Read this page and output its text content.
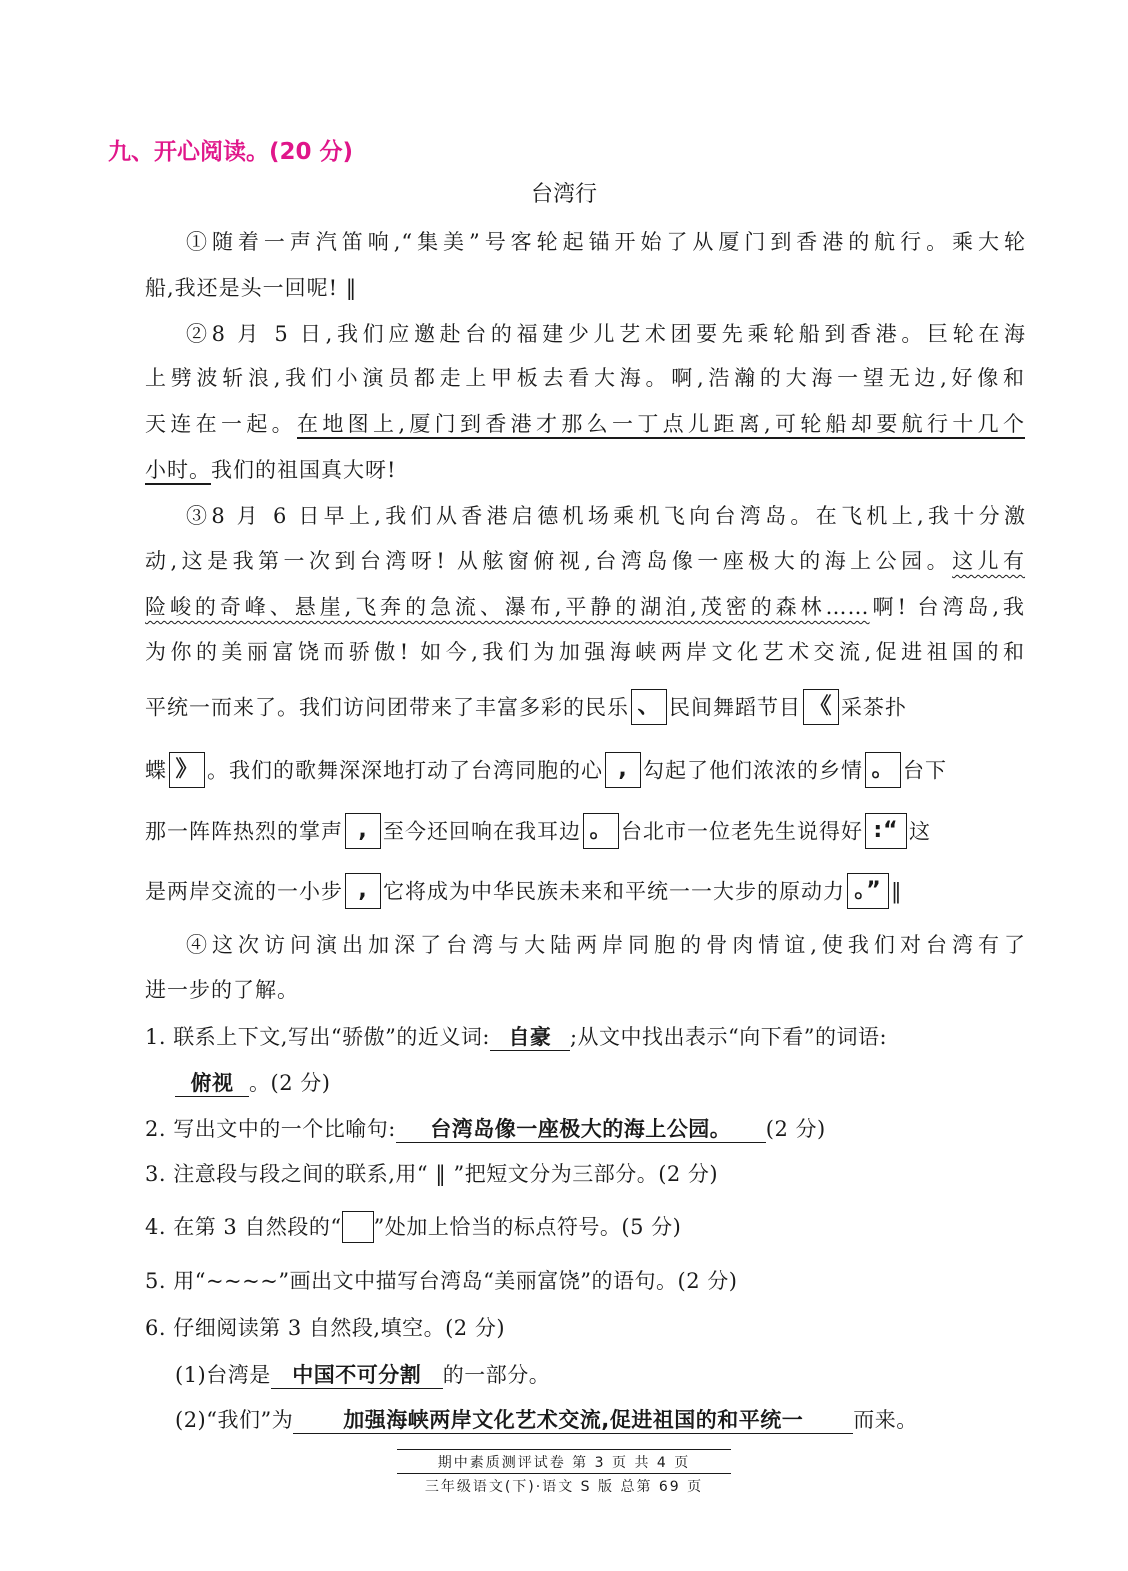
九、开心阅读。(20 分)
台湾行
①随着一声汽笛响,“集美”号客轮起锚开始了从厦门到香港的航行。乘大轮
船,我还是头一回呢! ‖
②8 月 5 日,我们应邀赴台的福建少儿艺术团要先乘轮船到香港。巨轮在海
上劈波斩浪,我们小演员都走上甲板去看大海。啊,浩瀚的大海一望无边,好像和
天连在一起。在地图上,厦门到香港才那么一丁点儿距离,可轮船却要航行十几个
小时。我们的祖国真大呀!
③8 月 6 日早上,我们从香港启德机场乘机飞向台湾岛。在飞机上,我十分激
动,这是我第一次到台湾呀! 从舷窗俯视,台湾岛像一座极大的海上公园。这儿有
险峻的奇峰、悬崖,飞奔的急流、瀑布,平静的湖泊,茂密的森林……啊! 台湾岛,我
为你的美丽富饶而骄傲! 如今,我们为加强海峡两岸文化艺术交流,促进祖国的和
平统一而来了。我们访问团带来了丰富多彩的民乐 、 民间舞蹈节目 《 采茶扑
蝶 》 。我们的歌舞深深地打动了台湾同胞的心 , 勾起了他们浓浓的乡情 。 台下
那一阵阵热烈的掌声 , 至今还回响在我耳边 。 台北市一位老先生说得好 :“ 这
是两岸交流的一小步 , 它将成为中华民族未来和平统一一大步的原动力 。” ‖
④这次访问演出加深了台湾与大陆两岸同胞的骨肉情谊,使我们对台湾有了
进一步的了解。
1. 联系上下文,写出“骄傲”的近义词: 自豪 ;从文中找出表示“向下看”的词语:
俯视 。(2 分)
2. 写出文中的一个比喻句: 台湾岛像一座极大的海上公园。 (2 分)
3. 注意段与段之间的联系,用“ ‖ ”把短文分为三部分。(2 分)
4. 在第 3 自然段的“ ”处加上恰当的标点符号。(5 分)
5. 用“~~~~”画出文中描写台湾岛“美丽富饶”的语句。(2 分)
6. 仔细阅读第 3 自然段,填空。(2 分)
(1)台湾是 中国不可分割 的一部分。
(2)“我们”为 加强海峡两岸文化艺术交流,促进祖国的和平统一 而来。
期中素质测评试卷 第 3 页 共 4 页
三年级语文(下)·语文 S 版 总第 69 页
